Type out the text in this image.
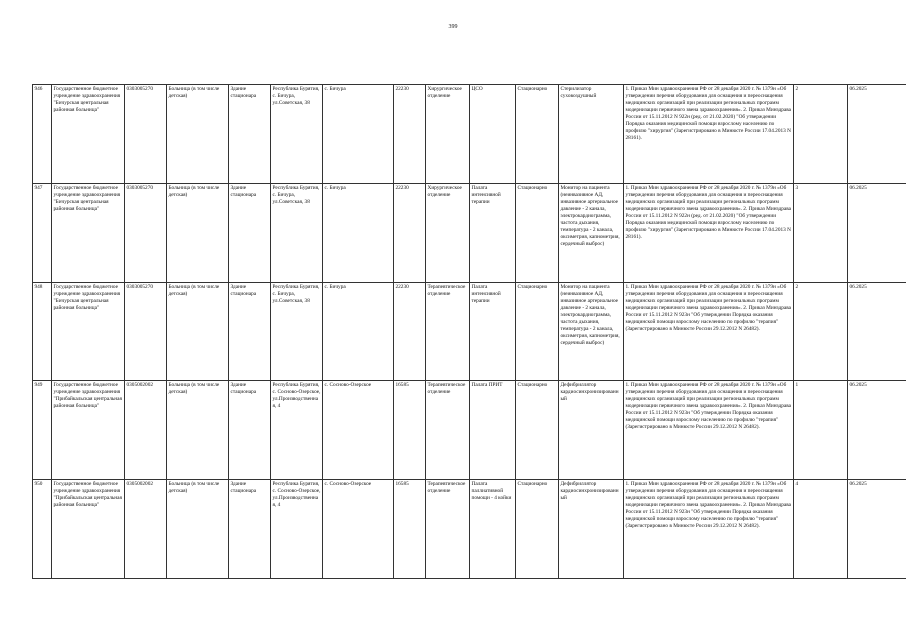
399
946	Государственное бюджетное учреждение здравоохранения "Бичурская центральная районная больница"	0303005270	Больница (в том числе детская)	Здание стационара	Республика Бурятия, с. Бичура, ул.Советская, 38	с. Бичура	22230	Хирургическое отделение	ЦСО	Стационарно	Стерилизатор суховоздушный	1. Приказ Мин здравоохранения РФ от 28 декабря 2020 г. № 1379н «Об утверждении перечня оборудования для оснащения и переоснащения медицинских организаций при реализации региональных программ модернизации первичного звена здравоохранения». 2. Приказ Минздрава России от 15.11.2012 N 922н (ред. от 21.02.2020) "Об утверждении Порядка оказания медицинской помощи взрослому населению по профилю "хирургия" (Зарегистрировано в Минюсте России 17.04.2013 N 28161).	2	06.2025
947	Государственное бюджетное учреждение здравоохранения "Бичурская центральная районная больница"	0303005270	Больница (в том числе детская)	Здание стационара	Республика Бурятия, с. Бичура, ул.Советская, 38	с. Бичура	22230	Хирургическое отделение	Палата интенсивной терапии	Стационарно	Монитор на пациента (неинвазивное АД, инвазивное артериальное давление - 2 канала, электрокардиограмма, частота дыхания, температура - 2 канала, оксиметрия, капнометрия, сердечный выброс)	1. Приказ Мин здравоохранения РФ от 28 декабря 2020 г. № 1379н «Об утверждении перечня оборудования для оснащения и переоснащения медицинских организаций при реализации региональных программ модернизации первичного звена здравоохранения». 2. Приказ Минздрава России от 15.11.2012 N 922н (ред. от 21.02.2020) "Об утверждении Порядка оказания медицинской помощи взрослому населению по профилю "хирургия" (Зарегистрировано в Минюсте России 17.04.2013 N 28161).	3	06.2025
948	Государственное бюджетное учреждение здравоохранения "Бичурская центральная районная больница"	0303005270	Больница (в том числе детская)	Здание стационара	Республика Бурятия, с. Бичура, ул.Советская, 38	с. Бичура	22230	Терапевтическое отделение	Палата интенсивной терапии	Стационарно	Монитор на пациента (неинвазивное АД, инвазивное артериальное давление - 2 канала, электрокардиограмма, частота дыхания, температура - 2 канала, оксиметрия, капнометрия, сердечный выброс)	1. Приказ Мин здравоохранения РФ от 28 декабря 2020 г. № 1379н «Об утверждении перечня оборудования для оснащения и переоснащения медицинских организаций при реализации региональных программ модернизации первичного звена здравоохранения». 2. Приказ Минздрава России от 15.11.2012 N 923н "Об утверждении Порядка оказания медицинской помощи взрослому населению по профилю "терапия" (Зарегистрировано в Минюсте России 29.12.2012 N 26482).	2	06.2025
949	Государственное бюджетное учреждение здравоохранения "Прибайкальская центральная районная больница"	0305002002	Больница (в том числе детская)	Здание стационара	Республика Бурятия, с. Сосново-Озерское, ул.Производственная, 4	с. Сосново-Озерское	16585	Терапевтическое отделение	Палата ПРИТ	Стационарно	Дефибриллятор кардиосинхронизированный	1. Приказ Мин здравоохранения РФ от 28 декабря 2020 г. № 1379н «Об утверждении перечня оборудования для оснащения и переоснащения медицинских организаций при реализации региональных программ модернизации первичного звена здравоохранения». 2. Приказ Минздрава России от 15.11.2012 N 923н "Об утверждении Порядка оказания медицинской помощи взрослому населению по профилю "терапия" (Зарегистрировано в Минюсте России 29.12.2012 N 26482).	1	06.2025
950	Государственное бюджетное учреждение здравоохранения "Прибайкальская центральная районная больница"	0305002002	Больница (в том числе детская)	Здание стационара	Республика Бурятия, с. Сосново-Озерское, ул.Производственная, 4	с. Сосново-Озерское	16585	Терапевтическое отделение	Палата паллиативной помощи - 4 койки	Стационарно	Дефибриллятор кардиосинхронизированный	1. Приказ Мин здравоохранения РФ от 28 декабря 2020 г. № 1379н «Об утверждении перечня оборудования для оснащения и переоснащения медицинских организаций при реализации региональных программ модернизации первичного звена здравоохранения». 2. Приказ Минздрава России от 15.11.2012 N 923н "Об утверждении Порядка оказания медицинской помощи взрослому населению по профилю "терапия" (Зарегистрировано в Минюсте России 29.12.2012 N 26482).	4	06.2025
